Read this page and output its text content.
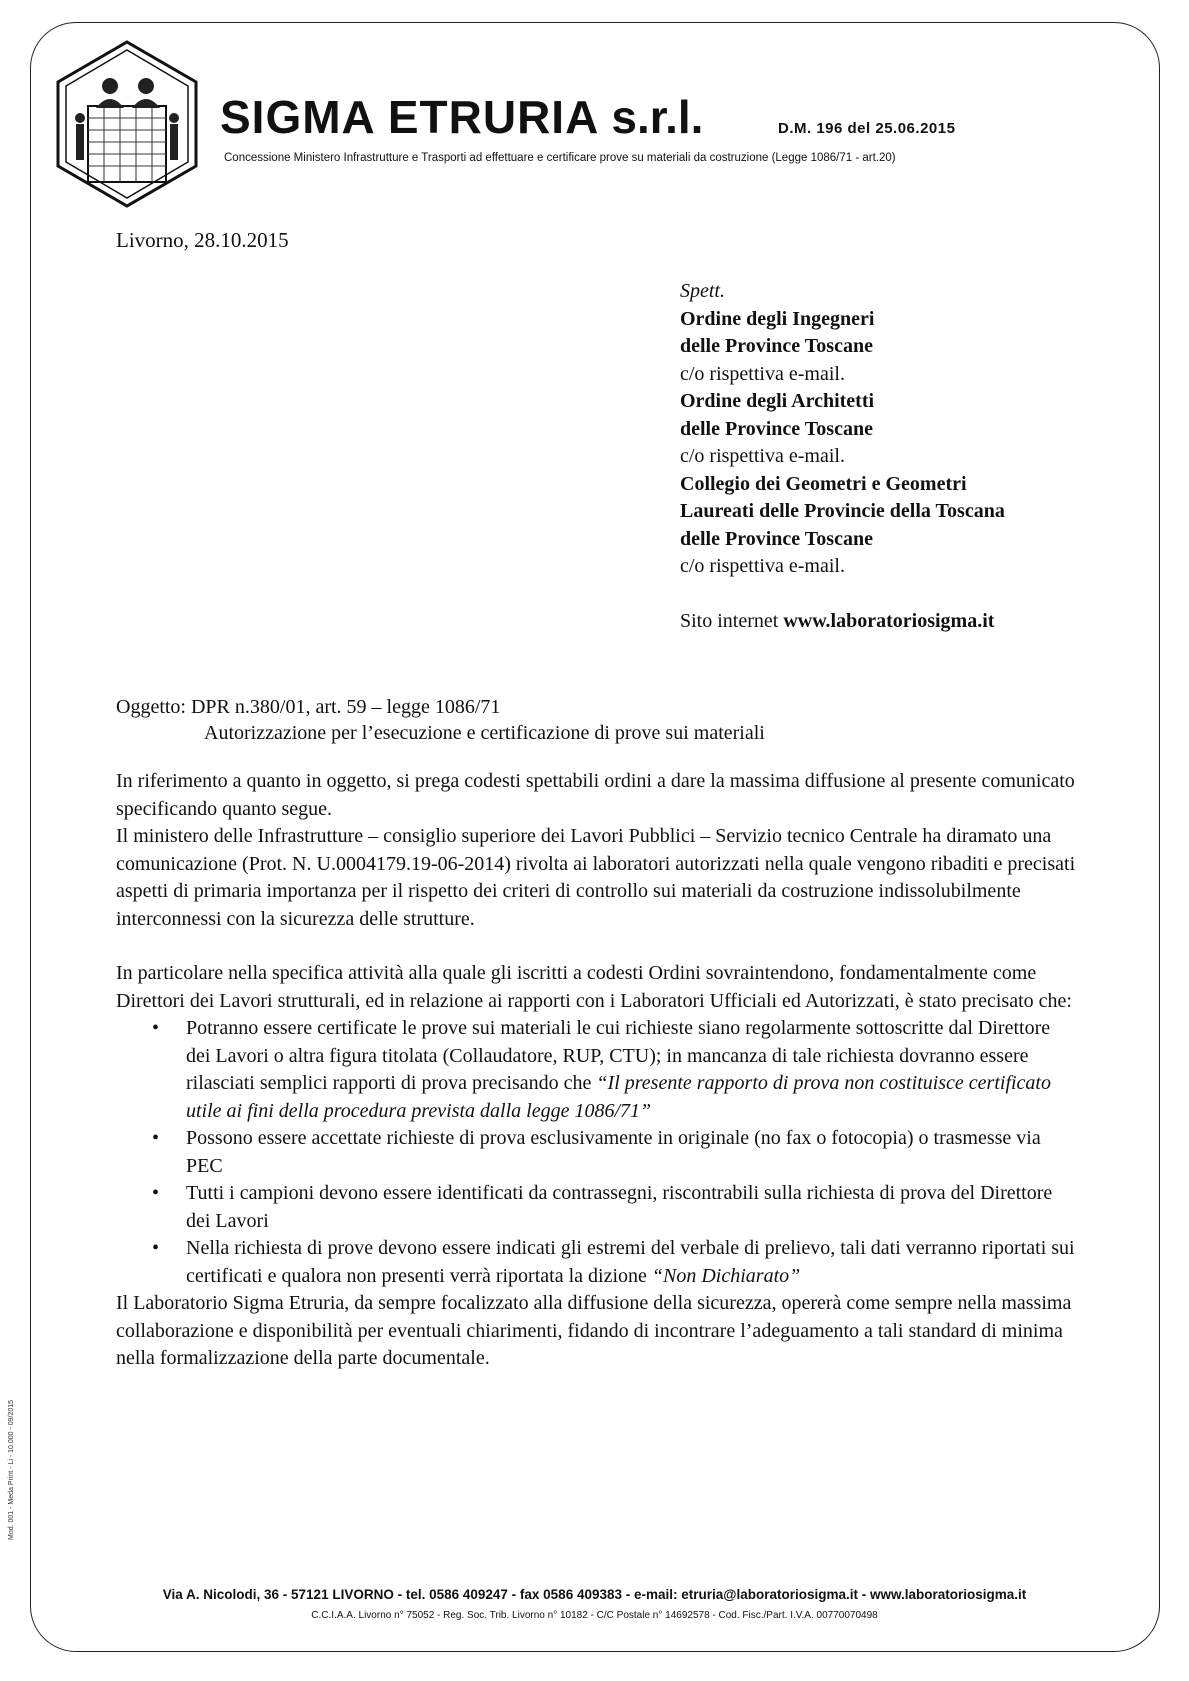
SIGMA ETRURIA s.r.l.	D.M. 196 del 25.06.2015
Concessione Ministero Infrastrutture e Trasporti ad effettuare e certificare prove su materiali da costruzione (Legge 1086/71 - art.20)
Livorno, 28.10.2015
Spett.
Ordine degli Ingegneri
delle Province Toscane
c/o rispettiva e-mail.
Ordine degli Architetti
delle Province Toscane
c/o rispettiva e-mail.
Collegio dei Geometri e Geometri
Laureati delle Provincie della Toscana
delle Province Toscane
c/o rispettiva e-mail.
Sito internet www.laboratoriosigma.it
Oggetto: DPR n.380/01, art. 59 – legge 1086/71
Autorizzazione per l’esecuzione e certificazione di prove sui materiali

In riferimento a quanto in oggetto, si prega codesti spettabili ordini a dare la massima diffusione al presente comunicato specificando quanto segue.

Il ministero delle Infrastrutture – consiglio superiore dei Lavori Pubblici – Servizio tecnico Centrale ha diramato una comunicazione (Prot. N. U.0004179.19-06-2014) rivolta ai laboratori autorizzati nella quale vengono ribaditi e precisati aspetti di primaria importanza per il rispetto dei criteri di controllo sui materiali da costruzione indissolubilmente interconnessi con la sicurezza delle strutture.

In particolare nella specifica attività alla quale gli iscritti a codesti Ordini sovraintendono, fondamentalmente come Direttori dei Lavori strutturali, ed in relazione ai rapporti con i Laboratori Ufficiali ed Autorizzati, è stato precisato che:

• Potranno essere certificate le prove sui materiali le cui richieste siano regolarmente sottoscritte dal Direttore dei Lavori o altra figura titolata (Collaudatore, RUP, CTU); in mancanza di tale richiesta dovranno essere rilasciati semplici rapporti di prova precisando che “Il presente rapporto di prova non costituisce certificato utile ai fini della procedura prevista dalla legge 1086/71”
• Possono essere accettate richieste di prova esclusivamente in originale (no fax o fotocopia) o trasmesse via PEC
• Tutti i campioni devono essere identificati da contrassegni, riscontrabili sulla richiesta di prova del Direttore dei Lavori
• Nella richiesta di prove devono essere indicati gli estremi del verbale di prelievo, tali dati verranno riportati sui certificati e qualora non presenti verrà riportata la dizione “Non Dichiarato”

Il Laboratorio Sigma Etruria, da sempre focalizzato alla diffusione della sicurezza, opererà come sempre nella massima collaborazione e disponibilità per eventuali chiarimenti, fidando di incontrare l’adeguamento a tali standard di minima nella formalizzazione della parte documentale.

Mod. 001 - Meda Print - Li - 10.000 - 09/2015
Via A. Nicolodi, 36 - 57121 LIVORNO - tel. 0586 409247 - fax 0586 409383 - e-mail: etruria@laboratoriosigma.it - www.laboratoriosigma.it
C.C.I.A.A. Livorno n° 75052 - Reg. Soc. Trib. Livorno n° 10182 - C/C Postale n° 14692578 - Cod. Fisc./Part. I.V.A. 00770070498
